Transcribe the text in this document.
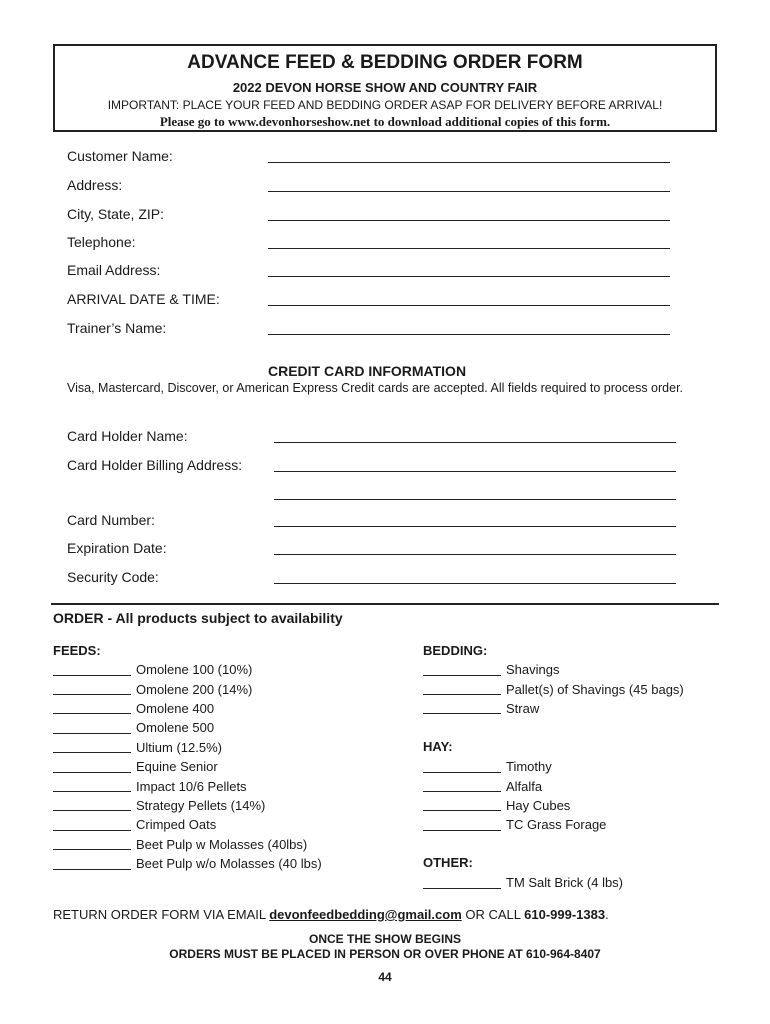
ADVANCE FEED & BEDDING ORDER FORM
2022 DEVON HORSE SHOW AND COUNTRY FAIR
IMPORTANT: PLACE YOUR FEED AND BEDDING ORDER ASAP FOR DELIVERY BEFORE ARRIVAL!
Please go to www.devonhorseshow.net to download additional copies of this form.
Customer Name:
Address:
City, State, ZIP:
Telephone:
Email Address:
ARRIVAL DATE & TIME:
Trainer’s Name:
CREDIT CARD INFORMATION
Visa, Mastercard, Discover, or American Express Credit cards are accepted. All fields required to process order.
Card Holder Name:
Card Holder Billing Address:
Card Number:
Expiration Date:
Security Code:
ORDER - All products subject to availability
FEEDS:
Omolene 100 (10%)
Omolene 200 (14%)
Omolene 400
Omolene 500
Ultium (12.5%)
Equine Senior
Impact 10/6 Pellets
Strategy Pellets (14%)
Crimped Oats
Beet Pulp w Molasses (40lbs)
Beet Pulp w/o Molasses (40 lbs)
BEDDING:
Shavings
Pallet(s) of Shavings (45 bags)
Straw
HAY:
Timothy
Alfalfa
Hay Cubes
TC Grass Forage
OTHER:
TM Salt Brick (4 lbs)
RETURN ORDER FORM VIA EMAIL devonfeedbedding@gmail.com OR CALL 610-999-1383.
ONCE THE SHOW BEGINS
ORDERS MUST BE PLACED IN PERSON OR OVER PHONE AT 610-964-8407
44
